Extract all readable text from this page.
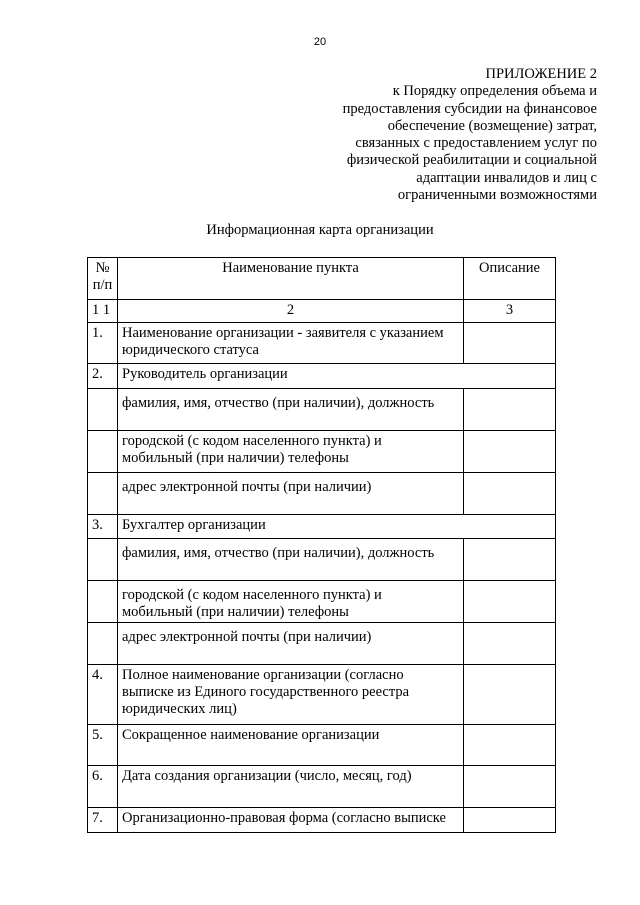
20
ПРИЛОЖЕНИЕ 2
к Порядку определения объема и
предоставления субсидии на финансовое
обеспечение (возмещение) затрат,
связанных с предоставлением услуг по
физической реабилитации и социальной
адаптации инвалидов и лиц с
ограниченными возможностями
Информационная карта организации
№
п/п	Наименование пункта	Описание
1 1	2	3
1.	Наименование организации - заявителя с указанием
юридического статуса	

2.	Руководитель организации	

	фамилия, имя, отчество (при наличии), должность	

	городской (с кодом населенного пункта) и
мобильный (при наличии) телефоны	

	адрес электронной почты (при наличии)	

3.	Бухгалтер организации	

	фамилия, имя, отчество (при наличии), должность	

	городской (с кодом населенного пункта) и
мобильный (при наличии) телефоны	

	адрес электронной почты (при наличии)	

4.	Полное наименование организации (согласно
выписке из Единого государственного реестра
юридических лиц)	

5.	Сокращенное наименование организации	

6.	Дата создания организации (число, месяц, год)	

7.	Организационно-правовая форма (согласно выписке	
